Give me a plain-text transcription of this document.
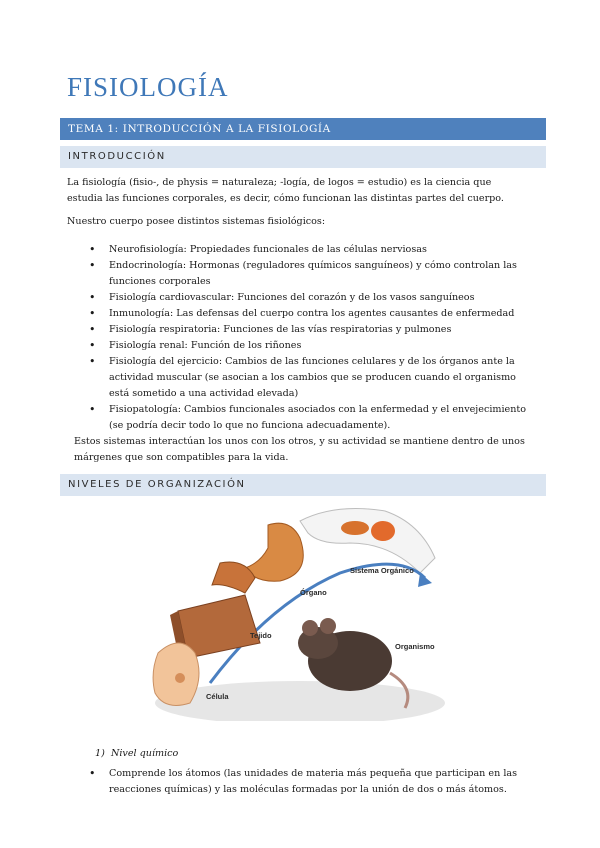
FISIOLOGÍA
TEMA 1: INTRODUCCIÓN A LA FISIOLOGÍA
INTRODUCCIÓN
La fisiología (fisio-, de physis = naturaleza; -logía, de logos = estudio) es la ciencia que estudia las funciones corporales, es decir, cómo funcionan las distintas partes del cuerpo.
Nuestro cuerpo posee distintos sistemas fisiológicos:
• Neurofisiología: Propiedades funcionales de las células nerviosas
• Endocrinología: Hormonas (reguladores químicos sanguíneos) y cómo controlan las funciones corporales
• Fisiología cardiovascular: Funciones del corazón y de los vasos sanguíneos
• Inmunología: Las defensas del cuerpo contra los agentes causantes de enfermedad
• Fisiología respiratoria: Funciones de las vías respiratorias y pulmones
• Fisiología renal: Función de los riñones
• Fisiología del ejercicio: Cambios de las funciones celulares y de los órganos ante la actividad muscular (se asocian a los cambios que se producen cuando el organismo está sometido a una actividad elevada)
• Fisiopatología: Cambios funcionales asociados con la enfermedad y el envejecimiento (se podría decir todo lo que no funciona adecuadamente).
Estos sistemas interactúan los unos con los otros, y su actividad se mantiene dentro de unos márgenes que son compatibles para la vida.
NIVELES DE ORGANIZACIÓN
Sistema Orgánico
Órgano
Tejido
Organismo
Célula
1)  Nivel químico
• Comprende los átomos (las unidades de materia más pequeña que participan en las reacciones químicas) y las moléculas formadas por la unión de dos o más átomos.
